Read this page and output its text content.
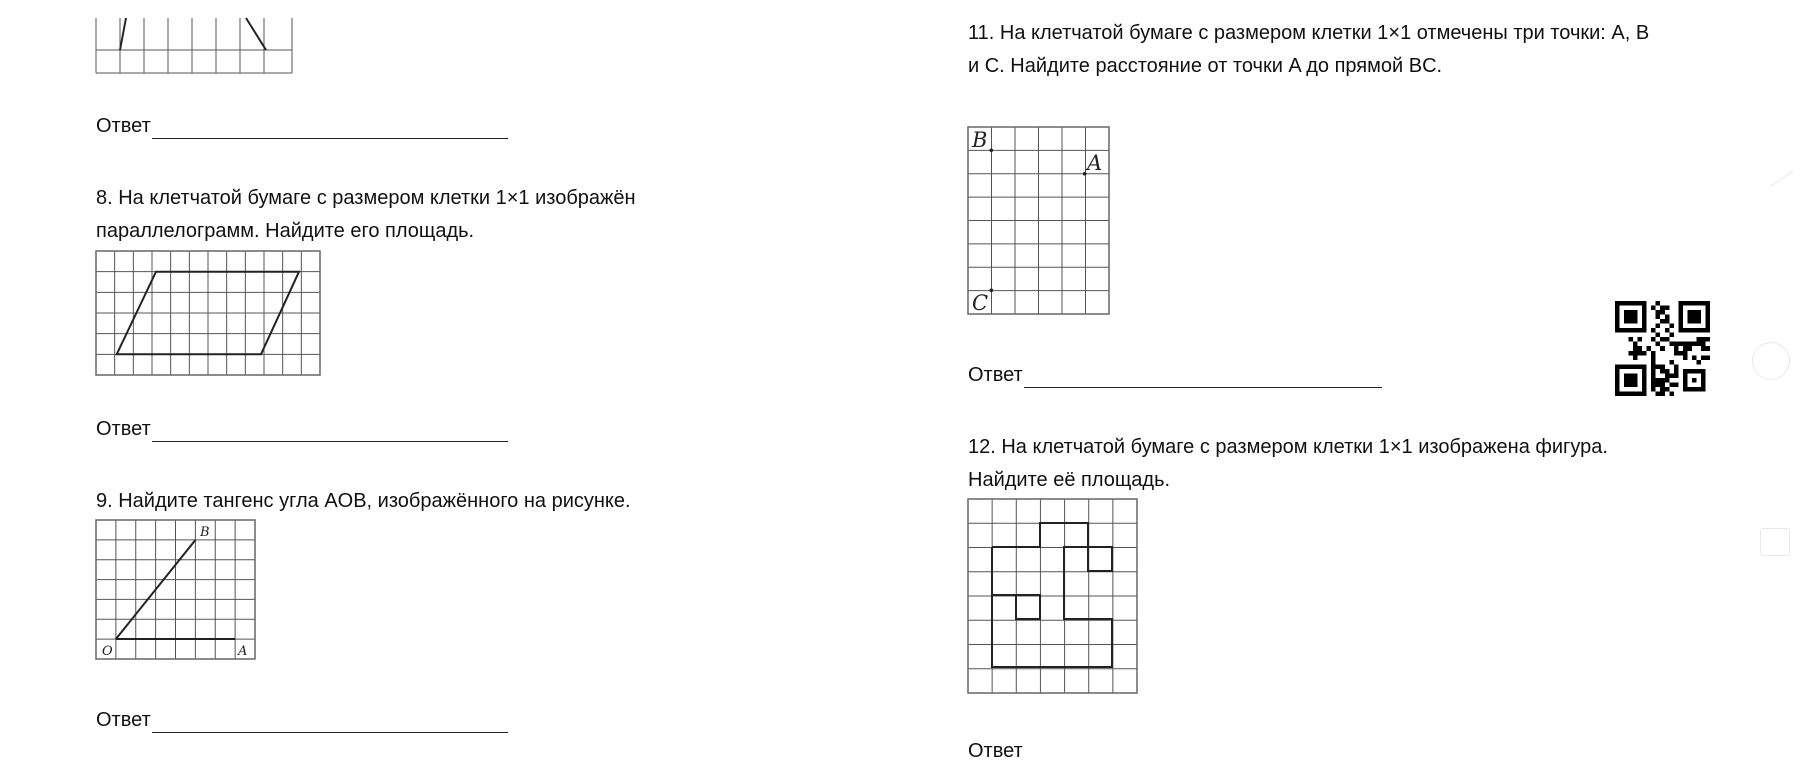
Ответ
8. На клетчатой бумаге с размером клетки 1×1 изображён
параллелограмм. Найдите его площадь.
Ответ
9. Найдите тангенс угла AOB, изображённого на рисунке.
B
O	A
Ответ
11. На клетчатой бумаге с размером клетки 1×1 отмечены три точки: A, B
и C. Найдите расстояние от точки A до прямой BC.
B
A
C
Ответ
12. На клетчатой бумаге с размером клетки 1×1 изображена фигура.
Найдите её площадь.
Ответ
